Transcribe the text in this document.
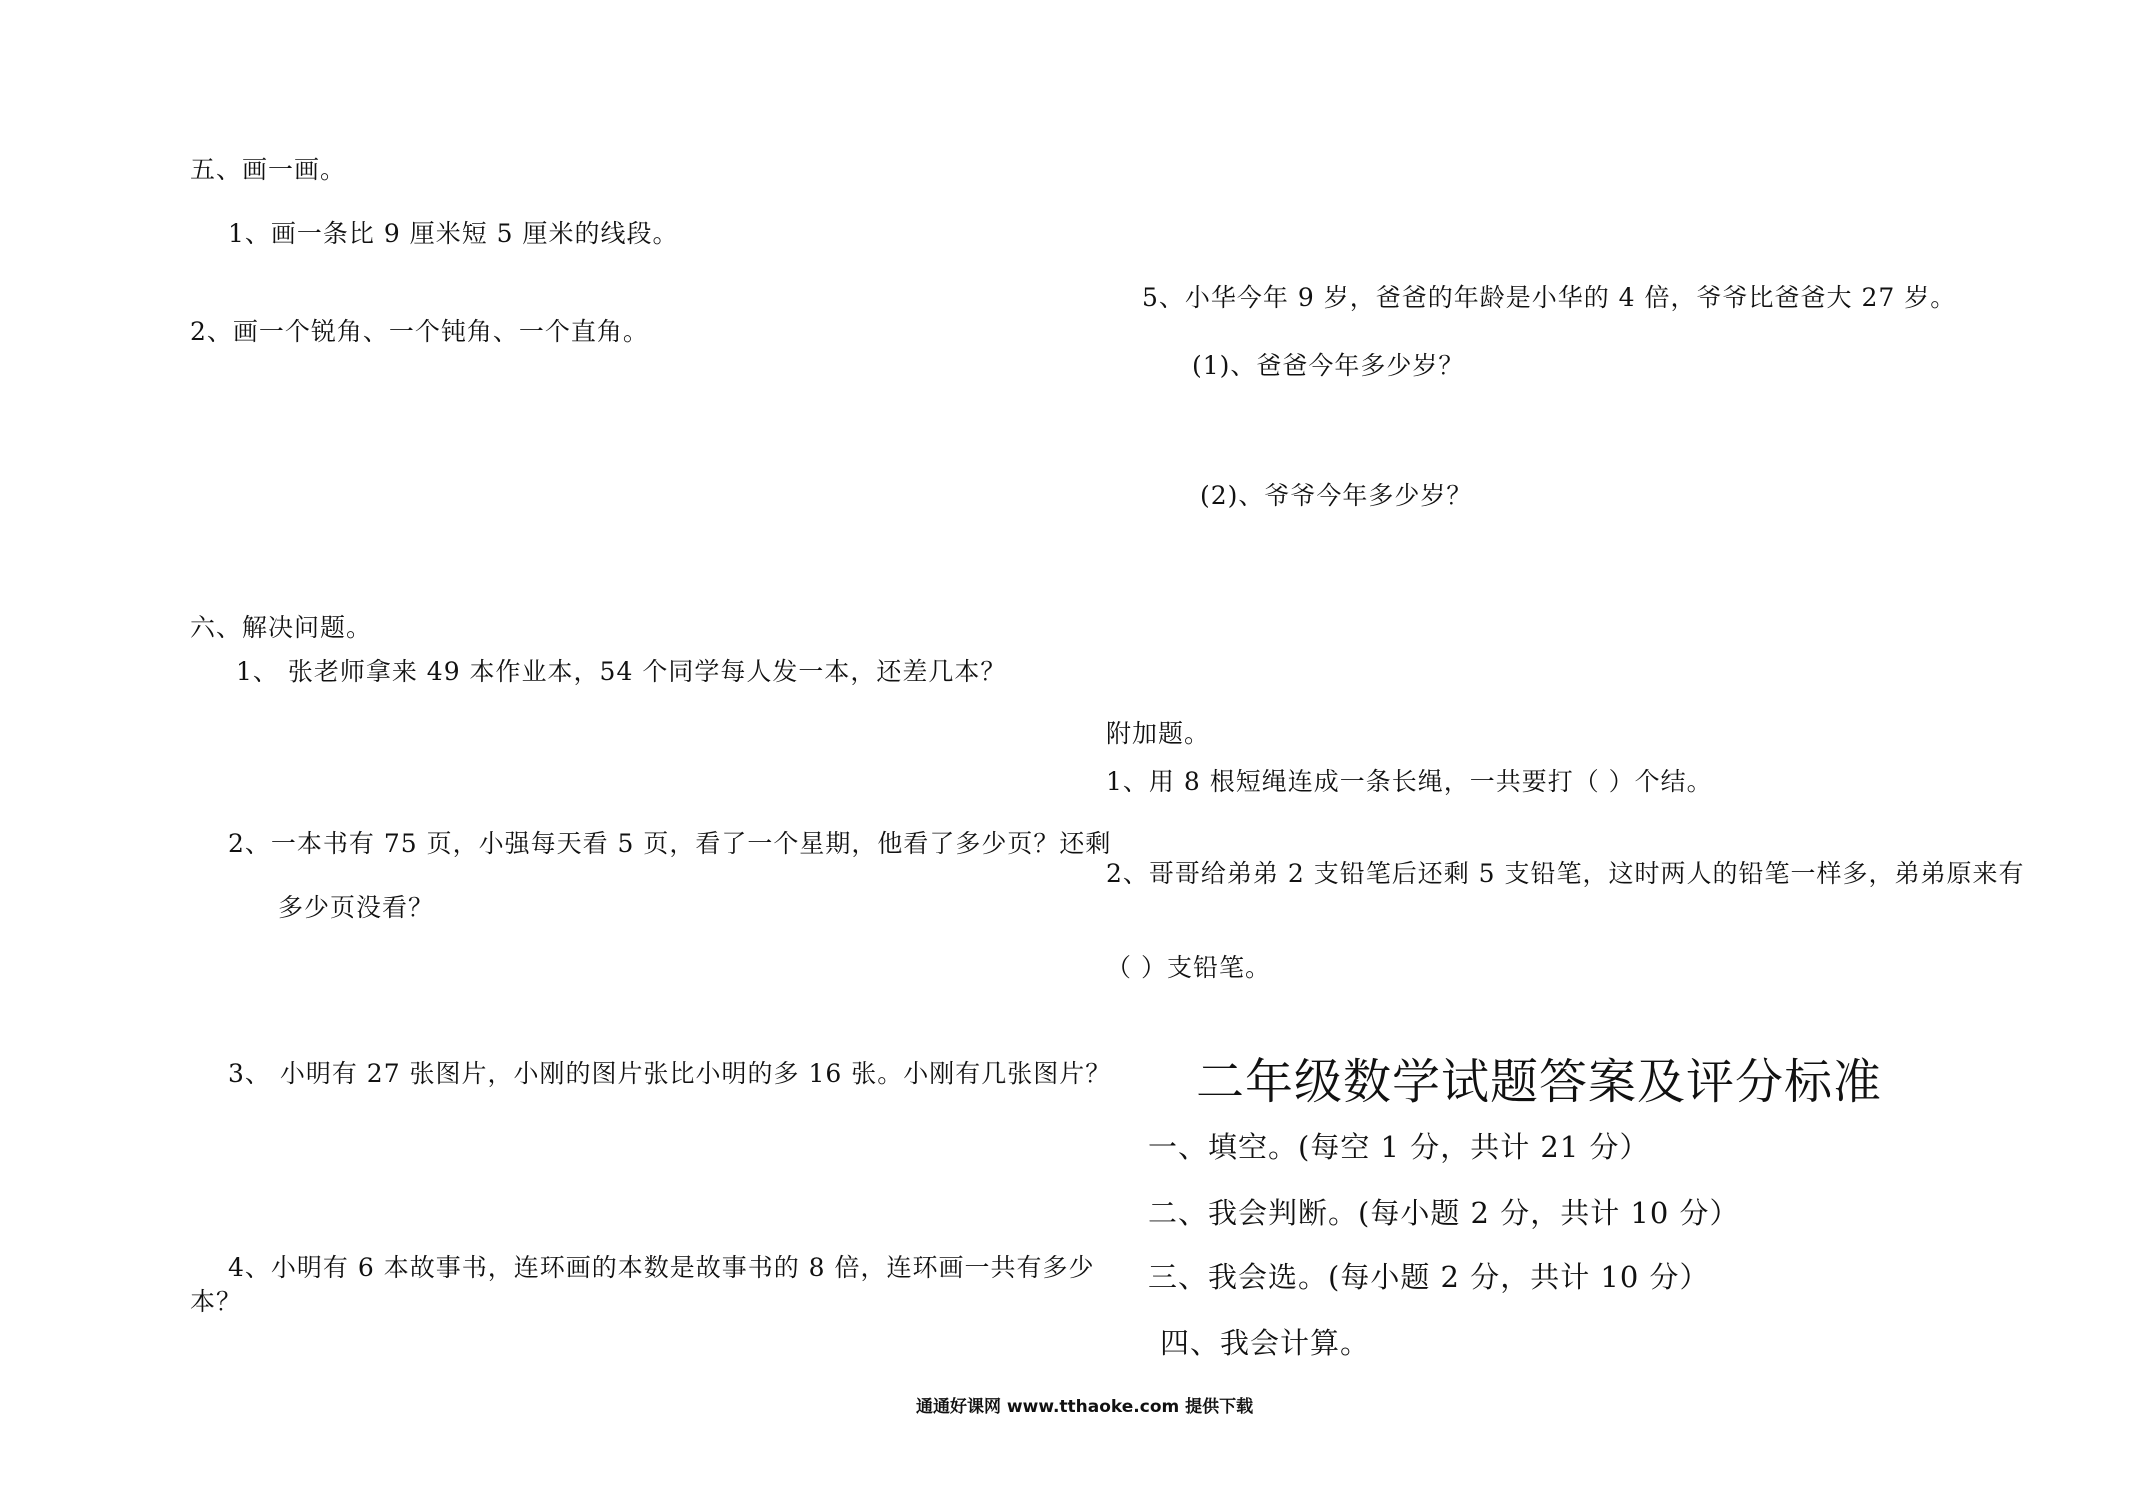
五、画一画。
1、画一条比 9 厘米短 5 厘米的线段。
2、画一个锐角、一个钝角、一个直角。
六、解决问题。
1、 张老师拿来 49 本作业本，54 个同学每人发一本，还差几本？
2、一本书有 75 页，小强每天看 5 页，看了一个星期，他看了多少页？还剩
多少页没看？
3、 小明有 27 张图片，小刚的图片张比小明的多 16 张。小刚有几张图片？
4、小明有 6 本故事书，连环画的本数是故事书的 8 倍，连环画一共有多少
本？
5、小华今年 9 岁，爸爸的年龄是小华的 4 倍，爷爷比爸爸大 27 岁。
(1)、爸爸今年多少岁？
(2)、爷爷今年多少岁？
附加题。
1、用 8 根短绳连成一条长绳，一共要打（ ）个结。
2、哥哥给弟弟 2 支铅笔后还剩 5 支铅笔，这时两人的铅笔一样多，弟弟原来有
（ ）支铅笔。
二年级数学试题答案及评分标准
一、填空。(每空 1 分，共计 21 分）
二、我会判断。(每小题 2 分，共计 10 分）
三、我会选。(每小题 2 分，共计 10 分）
四、我会计算。
通通好课网 www.tthaoke.com 提供下载
